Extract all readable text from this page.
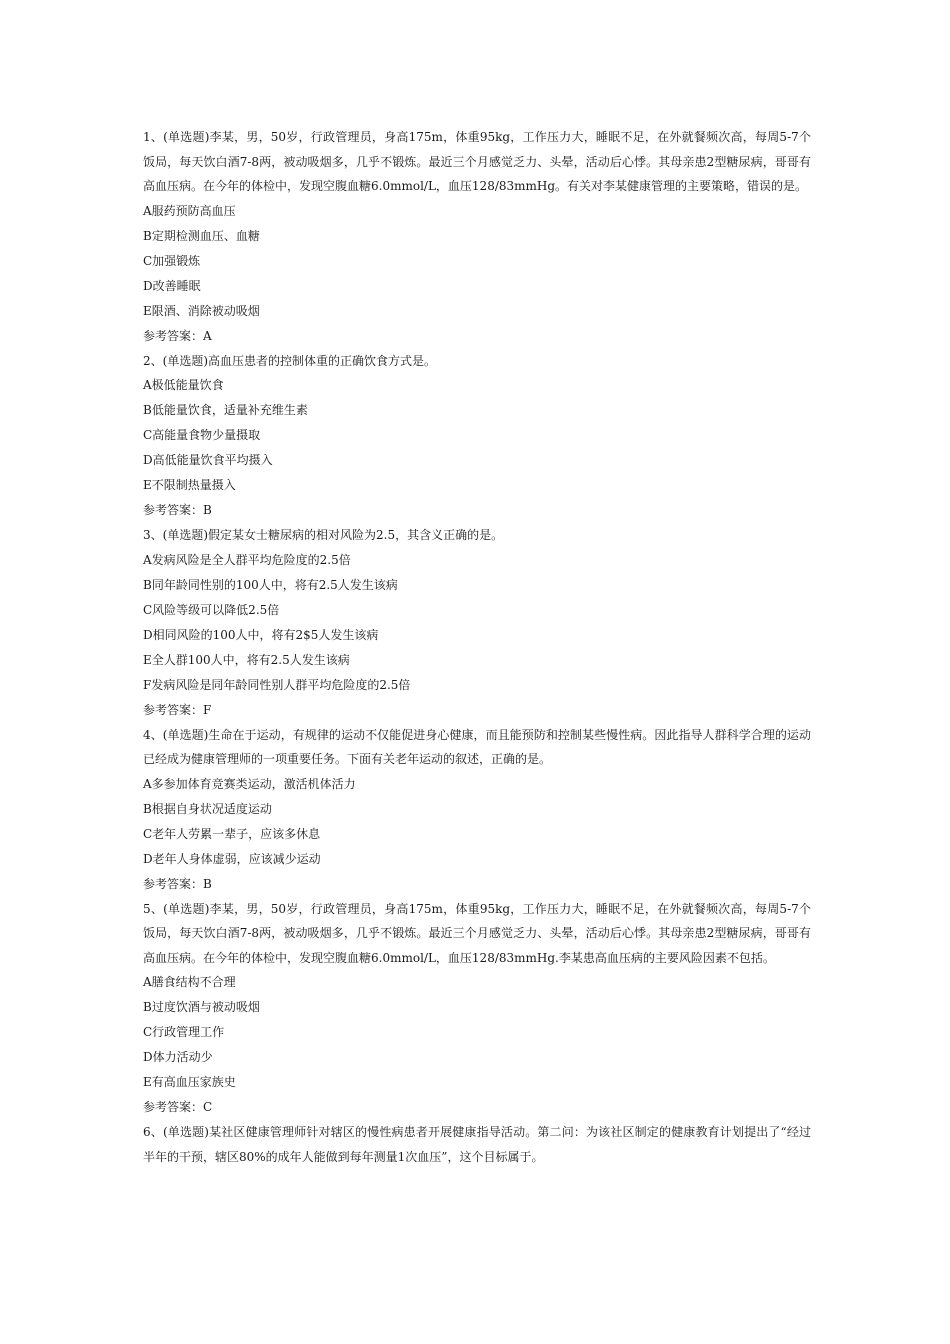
1、(单选题)李某，男，50岁，行政管理员，身高175m，体重95kg，工作压力大，睡眠不足，在外就餐频次高，每周5-7个饭局，每天饮白酒7-8两，被动吸烟多，几乎不锻炼。最近三个月感觉乏力、头晕，活动后心悸。其母亲患2型糖尿病，哥哥有高血压病。在今年的体检中，发现空腹血糖6.0mmol/L，血压128/83mmHg。有关对李某健康管理的主要策略，错误的是。

A服药预防高血压

B定期检测血压、血糖

C加强锻炼

D改善睡眠

E限酒、消除被动吸烟

参考答案：A

2、(单选题)高血压患者的控制体重的正确饮食方式是。

A极低能量饮食

B低能量饮食，适量补充维生素

C高能量食物少量摄取

D高低能量饮食平均摄入

E不限制热量摄入

参考答案：B

3、(单选题)假定某女士糖尿病的相对风险为2.5，其含义正确的是。

A发病风险是全人群平均危险度的2.5倍

B同年龄同性别的100人中，将有2.5人发生该病

C风险等级可以降低2.5倍

D相同风险的100人中，将有2$5人发生该病

E全人群100人中，将有2.5人发生该病

F发病风险是同年龄同性别人群平均危险度的2.5倍

参考答案：F

4、(单选题)生命在于运动，有规律的运动不仅能促进身心健康，而且能预防和控制某些慢性病。因此指导人群科学合理的运动已经成为健康管理师的一项重要任务。下面有关老年运动的叙述，正确的是。

A多参加体育竞赛类运动，激活机体活力

B根据自身状况适度运动

C老年人劳累一辈子，应该多休息

D老年人身体虚弱，应该减少运动

参考答案：B

5、(单选题)李某，男，50岁，行政管理员，身高175m，体重95kg，工作压力大，睡眠不足，在外就餐频次高，每周5-7个饭局，每天饮白酒7-8两，被动吸烟多，几乎不锻炼。最近三个月感觉乏力、头晕，活动后心悸。其母亲患2型糖尿病，哥哥有高血压病。在今年的体检中，发现空腹血糖6.0mmol/L，血压128/83mmHg.李某患高血压病的主要风险因素不包括。

A膳食结构不合理

B过度饮酒与被动吸烟

C行政管理工作

D体力活动少

E有高血压家族史

参考答案：C

6、(单选题)某社区健康管理师针对辖区的慢性病患者开展健康指导活动。第二问：为该社区制定的健康教育计划提出了“经过半年的干预，辖区80%的成年人能做到每年测量1次血压”，这个目标属于。
